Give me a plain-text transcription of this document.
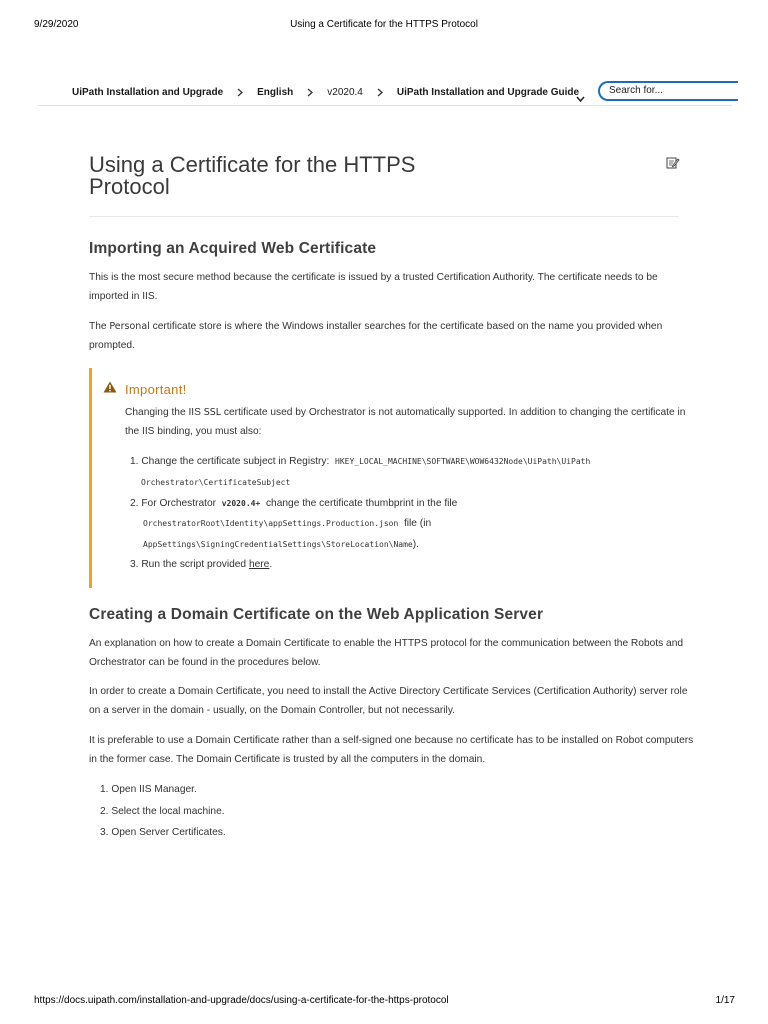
9/29/2020	Using a Certificate for the HTTPS Protocol
UiPath Installation and Upgrade	English	v2020.4	UiPath Installation and Upgrade Guide	Search for...
Using a Certificate for the HTTPS Protocol
Importing an Acquired Web Certificate

This is the most secure method because the certificate is issued by a trusted Certification Authority. The certificate needs to be imported in IIS.

The Personal certificate store is where the Windows installer searches for the certificate based on the name you provided when prompted.

Important!

Changing the IIS SSL certificate used by Orchestrator is not automatically supported. In addition to changing the certificate in the IIS binding, you must also:

1. Change the certificate subject in Registry: HKEY_LOCAL_MACHINE\SOFTWARE\WOW6432Node\UiPath\UiPath
Orchestrator\CertificateSubject
2. For Orchestrator v2020.4+ change the certificate thumbprint in the file
OrchestratorRoot\Identity\appSettings.Production.json file (in
AppSettings\SigningCredentialSettings\StoreLocation\Name).
3. Run the script provided here.
Creating a Domain Certificate on the Web Application Server

An explanation on how to create a Domain Certificate to enable the HTTPS protocol for the communication between the Robots and Orchestrator can be found in the procedures below.

In order to create a Domain Certificate, you need to install the Active Directory Certificate Services (Certification Authority) server role on a server in the domain - usually, on the Domain Controller, but not necessarily.

It is preferable to use a Domain Certificate rather than a self-signed one because no certificate has to be installed on Robot computers in the former case. The Domain Certificate is trusted by all the computers in the domain.

1. Open IIS Manager.
2. Select the local machine.
3. Open Server Certificates.
https://docs.uipath.com/installation-and-upgrade/docs/using-a-certificate-for-the-https-protocol	1/17
